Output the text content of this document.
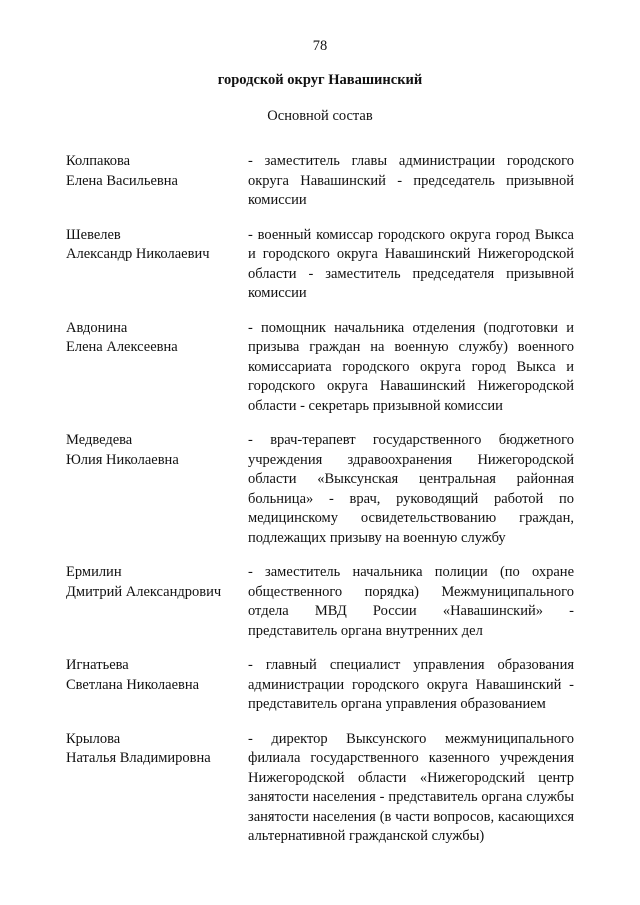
78
городской округ Навашинский
Основной состав
Колпакова
Елена Васильевна
- заместитель главы администрации городского округа Навашинский - председатель призывной комиссии
Шевелев
Александр Николаевич
- военный комиссар городского округа город Выкса и городского округа Навашинский Нижегородской области - заместитель председателя призывной комиссии
Авдонина
Елена Алексеевна
- помощник начальника отделения (подготовки и призыва граждан на военную службу) военного комиссариата городского округа город Выкса и городского округа Навашинский Нижегородской области - секретарь призывной комиссии
Медведева
Юлия Николаевна
- врач-терапевт государственного бюджетного учреждения здравоохранения Нижегородской области «Выксунская центральная районная больница» - врач, руководящий работой по медицинскому освидетельствованию граждан, подлежащих призыву на военную службу
Ермилин
Дмитрий Александрович
- заместитель начальника полиции (по охране общественного порядка) Межмуниципального отдела МВД России «Навашинский» - представитель органа внутренних дел
Игнатьева
Светлана Николаевна
- главный специалист управления образования администрации городского округа Навашинский - представитель органа управления образованием
Крылова
Наталья Владимировна
- директор Выксунского межмуниципального филиала государственного казенного учреждения Нижегородской области «Нижегородский центр занятости населения - представитель органа службы занятости населения (в части вопросов, касающихся альтернативной гражданской службы)
